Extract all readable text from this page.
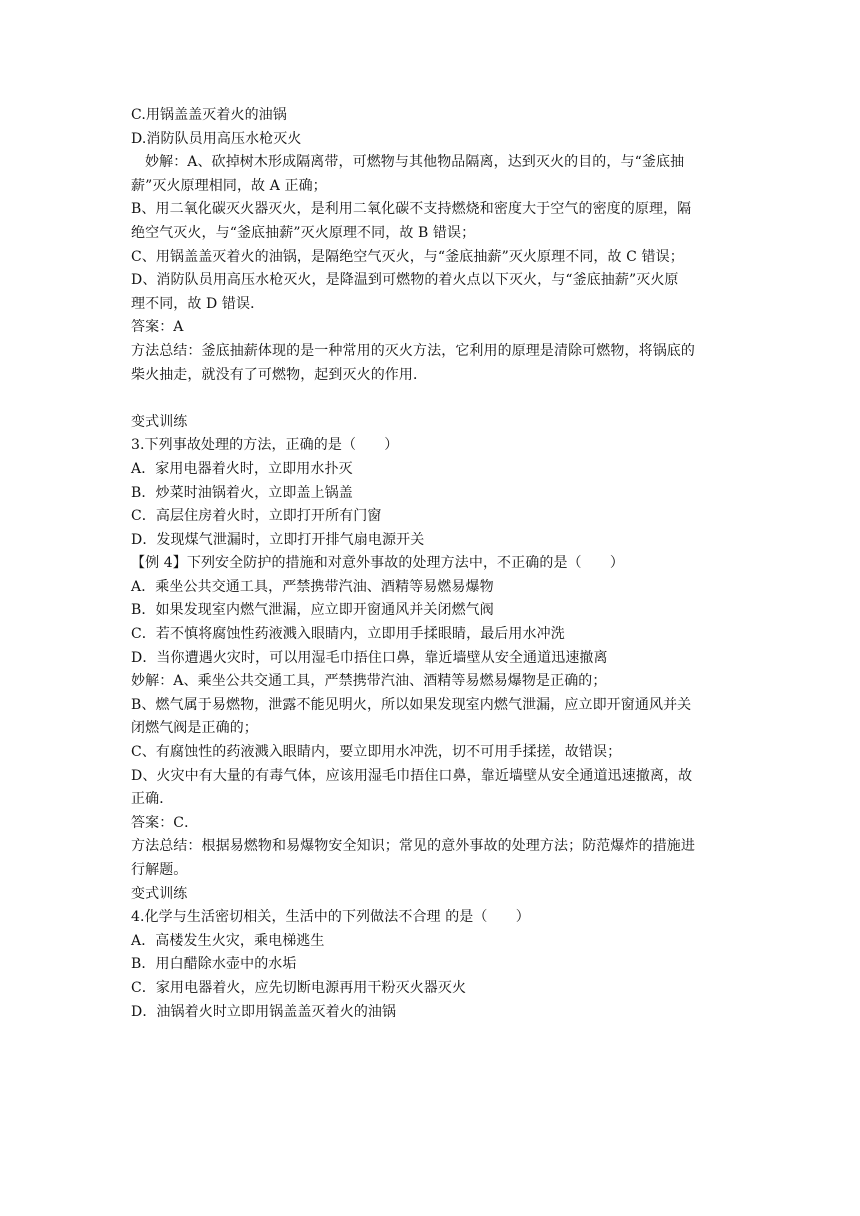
C.用锅盖盖灭着火的油锅
D.消防队员用高压水枪灭火
妙解：A、砍掉树木形成隔离带，可燃物与其他物品隔离，达到灭火的目的，与“釜底抽
薪”灭火原理相同，故 A 正确；
B、用二氧化碳灭火器灭火，是利用二氧化碳不支持燃烧和密度大于空气的密度的原理，隔
绝空气灭火，与“釜底抽薪”灭火原理不同，故 B 错误；
C、用锅盖盖灭着火的油锅，是隔绝空气灭火，与“釜底抽薪”灭火原理不同，故 C 错误；
D、消防队员用高压水枪灭火，是降温到可燃物的着火点以下灭火，与“釜底抽薪”灭火原
理不同，故 D 错误．
答案：A
方法总结：釜底抽薪体现的是一种常用的灭火方法，它利用的原理是清除可燃物，将锅底的
柴火抽走，就没有了可燃物，起到灭火的作用．
变式训练
3.下列事故处理的方法，正确的是（　　）
A．家用电器着火时，立即用水扑灭
B．炒菜时油锅着火，立即盖上锅盖
C．高层住房着火时，立即打开所有门窗
D．发现煤气泄漏时，立即打开排气扇电源开关
【例 4】下列安全防护的措施和对意外事故的处理方法中，不正确的是（　　）
A．乘坐公共交通工具，严禁携带汽油、酒精等易燃易爆物
B．如果发现室内燃气泄漏，应立即开窗通风并关闭燃气阀
C．若不慎将腐蚀性药液溅入眼睛内，立即用手揉眼睛，最后用水冲洗
D．当你遭遇火灾时，可以用湿毛巾捂住口鼻，靠近墙壁从安全通道迅速撤离
妙解：A、乘坐公共交通工具，严禁携带汽油、酒精等易燃易爆物是正确的；
B、燃气属于易燃物，泄露不能见明火，所以如果发现室内燃气泄漏，应立即开窗通风并关
闭燃气阀是正确的；
C、有腐蚀性的药液溅入眼睛内，要立即用水冲洗，切不可用手揉搓，故错误；
D、火灾中有大量的有毒气体，应该用湿毛巾捂住口鼻，靠近墙壁从安全通道迅速撤离，故
正确．
答案：C．
方法总结：根据易燃物和易爆物安全知识；常见的意外事故的处理方法；防范爆炸的措施进
行解题。
变式训练
4.化学与生活密切相关，生活中的下列做法不合理 的是（　　）
A．高楼发生火灾，乘电梯逃生
B．用白醋除水壶中的水垢
C．家用电器着火，应先切断电源再用干粉灭火器灭火
D．油锅着火时立即用锅盖盖灭着火的油锅
